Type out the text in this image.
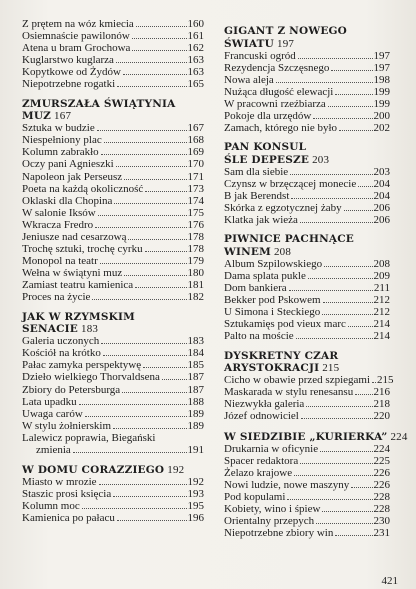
Z prętem na wóz kmiecia	160
Osiemnaście pawilonów	161
Atena u bram Grochowa	162
Kuglarstwo kuglarza	163
Kopytkowe od Żydów	163
Niepotrzebne rogatki	165
ZMURSZAŁA ŚWIĄTYNIA
MUZ 167
Sztuka w budzie	167
Niespełniony plac	168
Kolumn zabrakło	169
Oczy pani Agnieszki	170
Napoleon jak Perseusz	171
Poeta na każdą okoliczność	173
Oklaski dla Chopina	174
W salonie Iksów	175
Wkracza Fredro	176
Jeniusze nad cesarzową	178
Trochę sztuki, trochę cyrku	178
Monopol na teatr	179
Wełna w świątyni muz	180
Zamiast teatru kamienica	181
Proces na życie	182
JAK W RZYMSKIM
SENACIE 183
Galeria uczonych	183
Kościół na krótko	184
Pałac zamyka perspektywę	185
Dzieło wielkiego Thorvaldsena	187
Zbiory do Petersburga	187
Lata upadku	188
Uwaga carów	189
W stylu żołnierskim	189
Lalewicz poprawia, Biegański
zmienia	191
W DOMU CORAZZIEGO 192
Miasto w mrozie	192
Staszic prosi księcia	193
Kolumn moc	195
Kamienica po pałacu	196
GIGANT Z NOWEGO
ŚWIATU 197
Francuski ogród	197
Rezydencja Szczęsnego	197
Nowa aleja	198
Nużąca długość elewacji	199
W pracowni rzeźbiarza	199
Pokoje dla urzędów	200
Zamach, którego nie było	202
PAN KONSUL
ŚLE DEPESZE 203
Sam dla siebie	203
Czynsz w brzęczącej monecie 204
B jak Berendst	204
Skórka z egzotycznej żaby	206
Klatka jak wieża	206
PIWNICE PACHNĄCE
WINEM 208
Album Szpilowskiego	208
Dama splata pukle	209
Dom bankiera	211
Bekker pod Pskowem	212
U Simona i Steckiego	212
Sztukamięs pod vieux marc	214
Palto na moście	214
DYSKRETNY CZAR
ARYSTOKRACJI 215
Cicho w obawie przed szpiegami 215
Maskarada w stylu renesansu 216
Niezwykła galeria	218
Józef odnowiciel	220
W SIEDZIBIE „KURIERKA” 224
Drukarnia w oficynie	224
Spacer redaktora	225
Żelazo krajowe	226
Nowi ludzie, nowe maszyny 226
Pod kopulami	228
Kobiety, wino i śpiew	228
Orientalny przepych	230
Niepotrzebne zbiory win	231
421
